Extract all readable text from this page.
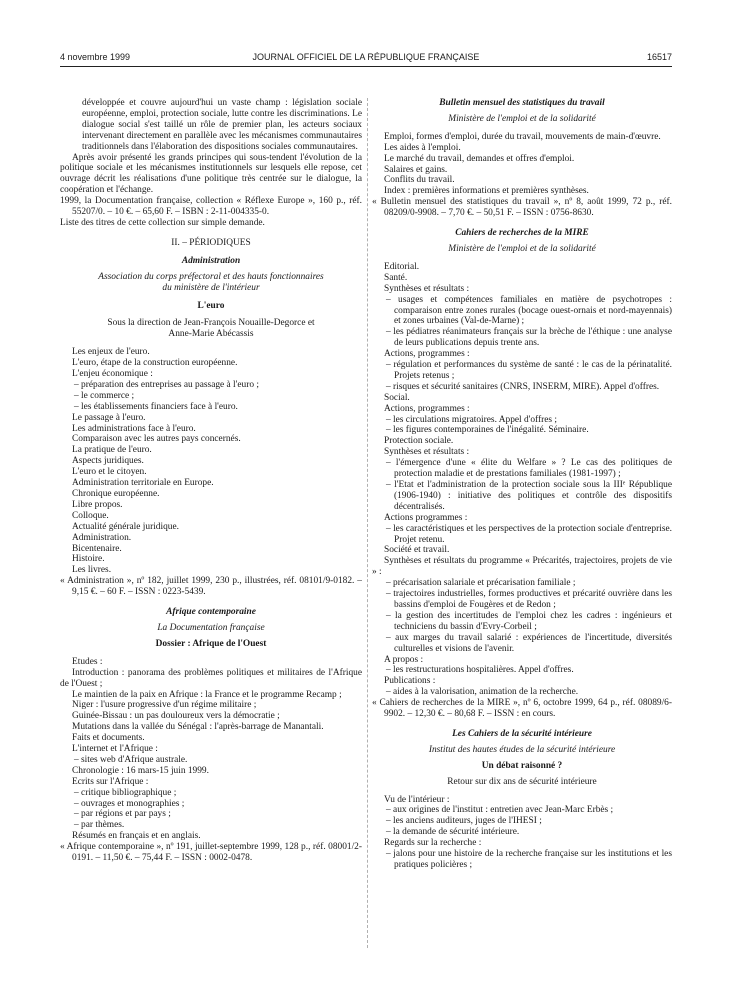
4 novembre 1999	JOURNAL OFFICIEL DE LA RÉPUBLIQUE FRANÇAISE	16517

développée et couvre aujourd'hui un vaste champ : législation sociale européenne, emploi, protection sociale, lutte contre les discriminations. Le dialogue social s'est taillé un rôle de premier plan, les acteurs sociaux intervenant directement en parallèle avec les mécanismes communautaires traditionnels dans l'élaboration des dispositions sociales communautaires.

Après avoir présenté les grands principes qui sous-tendent l'évolution de la politique sociale et les mécanismes institutionnels sur lesquels elle repose, cet ouvrage décrit les réalisations d'une politique très centrée sur le dialogue, la coopération et l'échange.

1999, la Documentation française, collection « Réflexe Europe », 160 p., réf. 55207/0. – 10 €. – 65,60 F. – ISBN : 2-11-004335-0.

Liste des titres de cette collection sur simple demande.

II. – PÉRIODIQUES

Administration

Association du corps préfectoral et des hauts fonctionnaires du ministère de l'intérieur

L'euro

Sous la direction de Jean-François Nouaille-Degorce et Anne-Marie Abécassis

Les enjeux de l'euro.

L'euro, étape de la construction européenne.

L'enjeu économique :

– préparation des entreprises au passage à l'euro ;

– le commerce ;

– les établissements financiers face à l'euro.

Le passage à l'euro.

Les administrations face à l'euro.

Comparaison avec les autres pays concernés.

La pratique de l'euro.

Aspects juridiques.

L'euro et le citoyen.

Administration territoriale en Europe.

Chronique européenne.

Libre propos.

Colloque.

Actualité générale juridique.

Administration.

Bicentenaire.

Histoire.

Les livres.

« Administration », nº 182, juillet 1999, 230 p., illustrées, réf. 08101/9-0182. – 9,15 €. – 60 F. – ISSN : 0223-5439.

Afrique contemporaine

La Documentation française

Dossier : Afrique de l'Ouest

Etudes :

Introduction : panorama des problèmes politiques et militaires de l'Afrique de l'Ouest ;

Le maintien de la paix en Afrique : la France et le programme Recamp ;

Niger : l'usure progressive d'un régime militaire ;

Guinée-Bissau : un pas douloureux vers la démocratie ;

Mutations dans la vallée du Sénégal : l'après-barrage de Manantali.

Faits et documents.

L'internet et l'Afrique :

– sites web d'Afrique australe.

Chronologie : 16 mars-15 juin 1999.

Ecrits sur l'Afrique :

– critique bibliographique ;

– ouvrages et monographies ;

– par régions et par pays ;

– par thèmes.

Résumés en français et en anglais.

« Afrique contemporaine », nº 191, juillet-septembre 1999, 128 p., réf. 08001/2-0191. – 11,50 €. – 75,44 F. – ISSN : 0002-0478.

Bulletin mensuel des statistiques du travail

Ministère de l'emploi et de la solidarité

Emploi, formes d'emploi, durée du travail, mouvements de main-d'œuvre.

Les aides à l'emploi.

Le marché du travail, demandes et offres d'emploi.

Salaires et gains.

Conflits du travail.

Index : premières informations et premières synthèses.

« Bulletin mensuel des statistiques du travail », nº 8, août 1999, 72 p., réf. 08209/0-9908. – 7,70 €. – 50,51 F. – ISSN : 0756-8630.

Cahiers de recherches de la MIRE

Ministère de l'emploi et de la solidarité

Editorial.

Santé.

Synthèses et résultats :

– usages et compétences familiales en matière de psychotropes : comparaison entre zones rurales (bocage ouest-ornais et nord-mayennais) et zones urbaines (Val-de-Marne) ;

– les pédiatres réanimateurs français sur la brèche de l'éthique : une analyse de leurs publications depuis trente ans.

Actions, programmes :

– régulation et performances du système de santé : le cas de la périnatalité. Projets retenus ;

– risques et sécurité sanitaires (CNRS, INSERM, MIRE). Appel d'offres.

Social.

Actions, programmes :

– les circulations migratoires. Appel d'offres ;

– les figures contemporaines de l'inégalité. Séminaire.

Protection sociale.

Synthèses et résultats :

– l'émergence d'une « élite du Welfare » ? Le cas des politiques de protection maladie et de prestations familiales (1981-1997) ;

– l'Etat et l'administration de la protection sociale sous la IIIᵉ République (1906-1940) : initiative des politiques et contrôle des dispositifs décentralisés.

Actions programmes :

– les caractéristiques et les perspectives de la protection sociale d'entreprise. Projet retenu.

Société et travail.

Synthèses et résultats du programme « Précarités, trajectoires, projets de vie » :

– précarisation salariale et précarisation familiale ;

– trajectoires industrielles, formes productives et précarité ouvrière dans les bassins d'emploi de Fougères et de Redon ;

– la gestion des incertitudes de l'emploi chez les cadres : ingénieurs et techniciens du bassin d'Evry-Corbeil ;

– aux marges du travail salarié : expériences de l'incertitude, diversités culturelles et visions de l'avenir.

A propos :

– les restructurations hospitalières. Appel d'offres.

Publications :

– aides à la valorisation, animation de la recherche.

« Cahiers de recherches de la MIRE », nº 6, octobre 1999, 64 p., réf. 08089/6-9902. – 12,30 €. – 80,68 F. – ISSN : en cours.

Les Cahiers de la sécurité intérieure

Institut des hautes études de la sécurité intérieure

Un débat raisonné ?

Retour sur dix ans de sécurité intérieure

Vu de l'intérieur :

– aux origines de l'institut : entretien avec Jean-Marc Erbès ;

– les anciens auditeurs, juges de l'IHESI ;

– la demande de sécurité intérieure.

Regards sur la recherche :

– jalons pour une histoire de la recherche française sur les institutions et les pratiques policières ;
